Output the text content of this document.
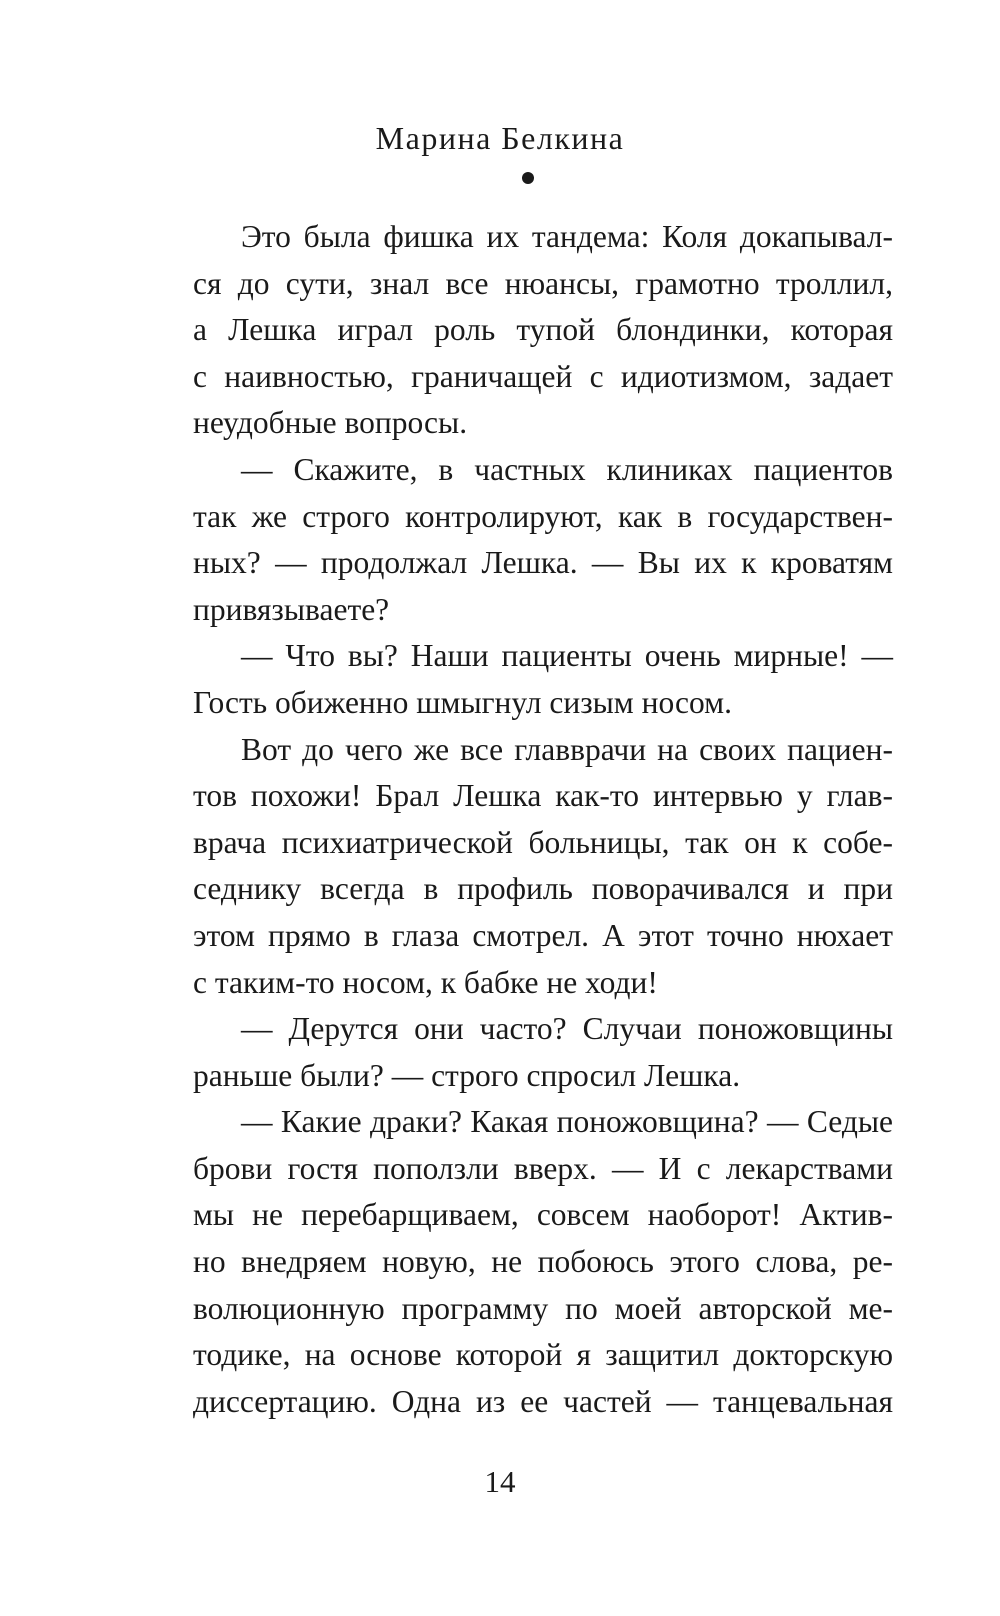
Марина Белкина
Это была фишка их тандема: Коля докапывал-
ся до сути, знал все нюансы, грамотно троллил,
а Лешка играл роль тупой блондинки, которая
с наивностью, граничащей с идиотизмом, задает
неудобные вопросы.
— Скажите, в частных клиниках пациентов
так же строго контролируют, как в государствен-
ных? — продолжал Лешка. — Вы их к кроватям
привязываете?
— Что вы? Наши пациенты очень мирные! —
Гость обиженно шмыгнул сизым носом.
Вот до чего же все главврачи на своих пациен-
тов похожи! Брал Лешка как-то интервью у глав-
врача психиатрической больницы, так он к собе-
седнику всегда в профиль поворачивался и при
этом прямо в глаза смотрел. А этот точно нюхает
с таким-то носом, к бабке не ходи!
— Дерутся они часто? Случаи поножовщины
раньше были? — строго спросил Лешка.
— Какие драки? Какая поножовщина? — Седые
брови гостя поползли вверх. — И с лекарствами
мы не перебарщиваем, совсем наоборот! Актив-
но внедряем новую, не побоюсь этого слова, ре-
волюционную программу по моей авторской ме-
тодике, на основе которой я защитил докторскую
диссертацию. Одна из ее частей — танцевальная
14
